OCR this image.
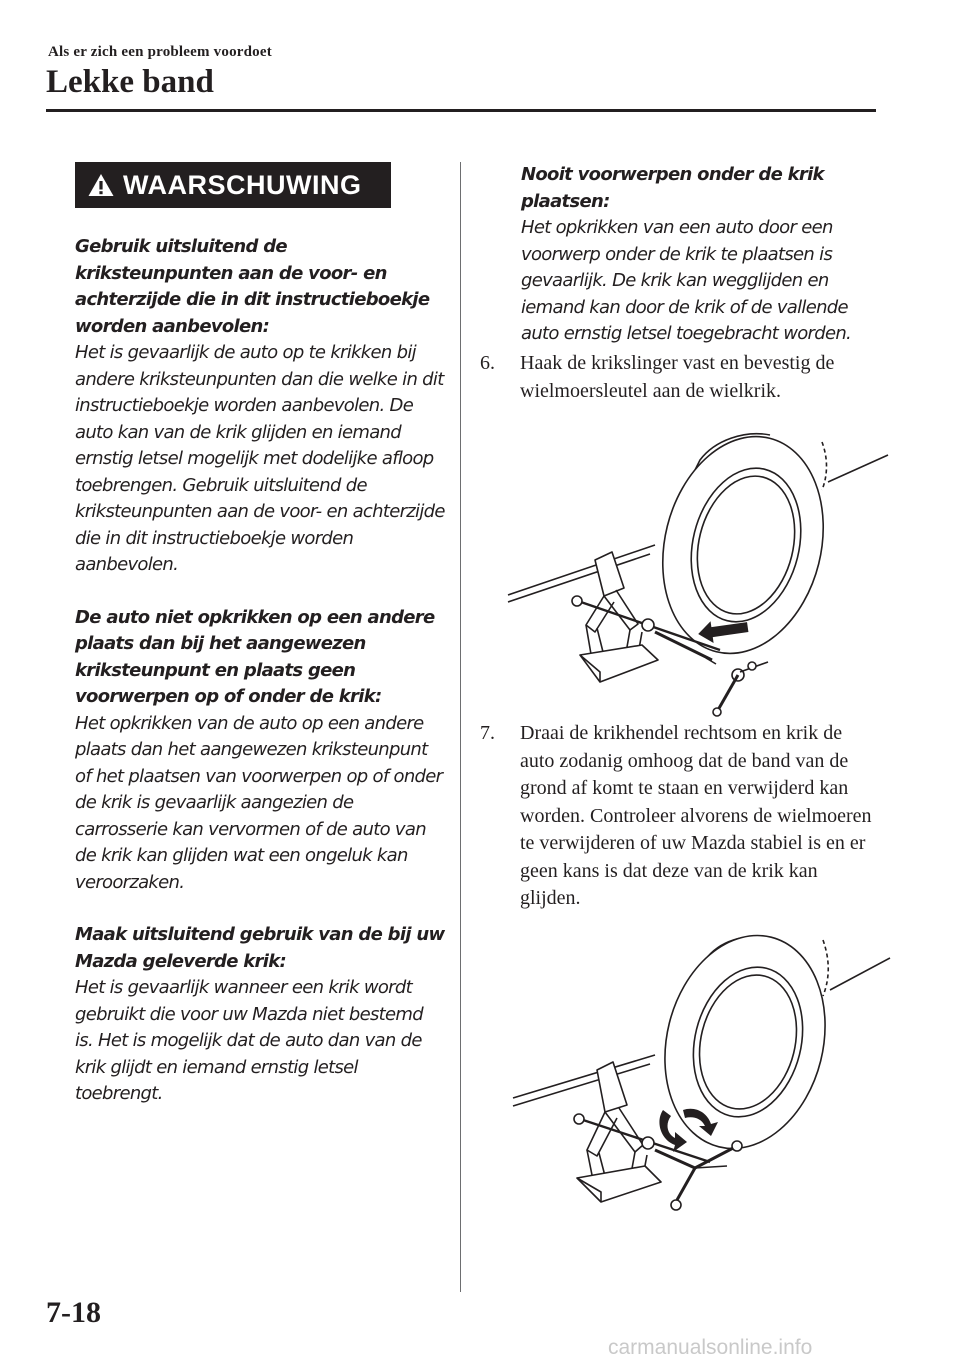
Als er zich een probleem voordoet
Lekke band
WAARSCHUWING
Gebruik uitsluitend de kriksteunpunten aan de voor- en achterzijde die in dit instructieboekje worden aanbevolen:
Het is gevaarlijk de auto op te krikken bij andere kriksteunpunten dan die welke in dit instructieboekje worden aanbevolen. De auto kan van de krik glijden en iemand ernstig letsel mogelijk met dodelijke afloop toebrengen. Gebruik uitsluitend de kriksteunpunten aan de voor- en achterzijde die in dit instructieboekje worden aanbevolen.
De auto niet opkrikken op een andere plaats dan bij het aangewezen kriksteunpunt en plaats geen voorwerpen op of onder de krik:
Het opkrikken van de auto op een andere plaats dan het aangewezen kriksteunpunt of het plaatsen van voorwerpen op of onder de krik is gevaarlijk aangezien de carrosserie kan vervormen of de auto van de krik kan glijden wat een ongeluk kan veroorzaken.
Maak uitsluitend gebruik van de bij uw Mazda geleverde krik:
Het is gevaarlijk wanneer een krik wordt gebruikt die voor uw Mazda niet bestemd is. Het is mogelijk dat de auto dan van de krik glijdt en iemand ernstig letsel toebrengt.
Nooit voorwerpen onder de krik plaatsen:
Het opkrikken van een auto door een voorwerp onder de krik te plaatsen is gevaarlijk. De krik kan wegglijden en iemand kan door de krik of de vallende auto ernstig letsel toegebracht worden.
6. Haak de krikslinger vast en bevestig de wielmoersleutel aan de wielkrik.
7. Draai de krikhendel rechtsom en krik de auto zodanig omhoog dat de band van de grond af komt te staan en verwijderd kan worden. Controleer alvorens de wielmoeren te verwijderen of uw Mazda stabiel is en er geen kans is dat deze van de krik kan glijden.
7-18
carmanualsonline.info
